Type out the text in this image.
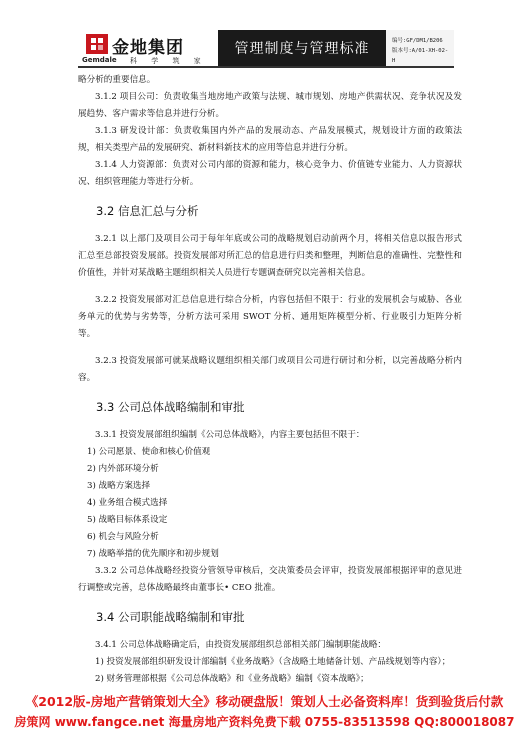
金地集团
Gemdale 科 学 筑 家
管理制度与管理标准	编号:GF/DM1/B206
版本号:A/01-XH-02-H

略分析的重要信息。

3.1.2 项目公司：负责收集当地房地产政策与法规、城市规划、房地产供需状况、竞争状况及发展趋势、客户需求等信息并进行分析。

3.1.3 研发设计部：负责收集国内外产品的发展动态、产品发展模式，规划设计方面的政策法规，相关类型产品的发展研究、新材料新技术的应用等信息并进行分析。

3.1.4 人力资源部：负责对公司内部的资源和能力，核心竞争力、价值链专业能力、人力资源状况、组织管理能力等进行分析。

3.2 信息汇总与分析

3.2.1 以上部门及项目公司于每年年底或公司的战略规划启动前两个月，将相关信息以报告形式汇总至总部投资发展部。投资发展部对所汇总的信息进行归类和整理，判断信息的准确性、完整性和价值性，并针对某战略主题组织相关人员进行专题调查研究以完善相关信息。

3.2.2 投资发展部对汇总信息进行综合分析，内容包括但不限于：行业的发展机会与威胁、各业务单元的优势与劣势等，分析方法可采用 SWOT 分析、通用矩阵模型分析、行业吸引力矩阵分析等。

3.2.3 投资发展部可就某战略议题组织相关部门或项目公司进行研讨和分析，以完善战略分析内容。

3.3 公司总体战略编制和审批

3.3.1 投资发展部组织编制《公司总体战略》，内容主要包括但不限于：

1) 公司愿景、使命和核心价值观

2) 内外部环境分析

3) 战略方案选择

4) 业务组合模式选择

5) 战略目标体系设定

6) 机会与风险分析

7) 战略举措的优先顺序和初步规划

3.3.2 公司总体战略经投资分管领导审核后，交决策委员会评审，投资发展部根据评审的意见进行调整或完善，总体战略最终由董事长• CEO 批准。

3.4 公司职能战略编制和审批

3.4.1 公司总体战略确定后，由投资发展部组织总部相关部门编制职能战略：

1) 投资发展部组织研发设计部编制《业务战略》（含战略土地储备计划、产品线规划等内容）；

2) 财务管理部根据《公司总体战略》和《业务战略》编制《资本战略》；

《2012版-房地产营销策划大全》移动硬盘版！策划人士必备资料库！货到验货后付款
房策网 www.fangce.net 海量房地产资料免费下载 0755-83513598 QQ:800018087
